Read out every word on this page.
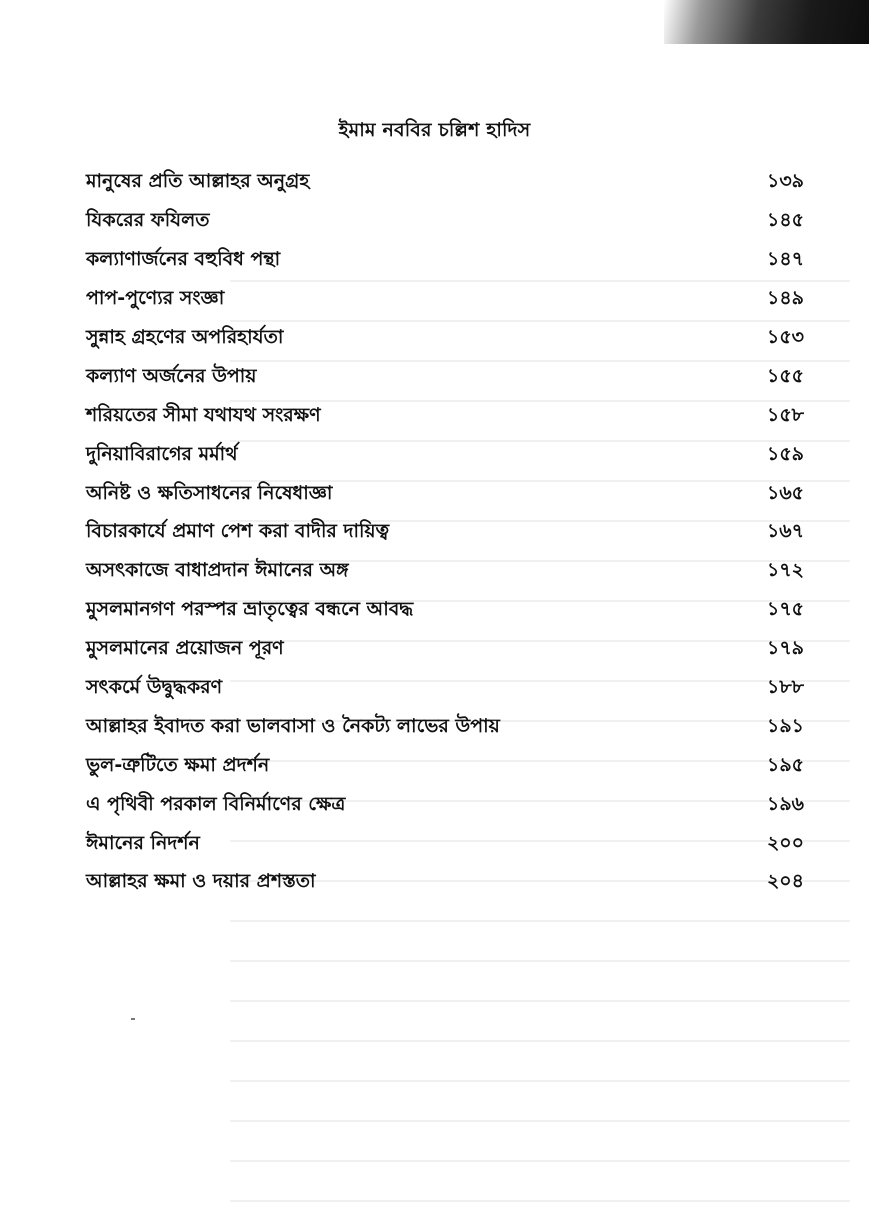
ইমাম নববির চল্লিশ হাদিস
মানুষের প্রতি আল্লাহর অনুগ্রহ	১৩৯
যিকরের ফযিলত	১৪৫
কল্যাণার্জনের বহুবিধ পন্থা	১৪৭
পাপ-পুণ্যের সংজ্ঞা	১৪৯
সুন্নাহ গ্রহণের অপরিহার্যতা	১৫৩
কল্যাণ অর্জনের উপায়	১৫৫
শরিয়তের সীমা যথাযথ সংরক্ষণ	১৫৮
দুনিয়াবিরাগের মর্মার্থ	১৫৯
অনিষ্ট ও ক্ষতিসাধনের নিষেধাজ্ঞা	১৬৫
বিচারকার্যে প্রমাণ পেশ করা বাদীর দায়িত্ব	১৬৭
অসৎকাজে বাধাপ্রদান ঈমানের অঙ্গ	১৭২
মুসলমানগণ পরস্পর ভ্রাতৃত্বের বন্ধনে আবদ্ধ	১৭৫
মুসলমানের প্রয়োজন পূরণ	১৭৯
সৎকর্মে উদ্বুদ্ধকরণ	১৮৮
আল্লাহর ইবাদত করা ভালবাসা ও নৈকট্য লাভের উপায়	১৯১
ভুল-ত্রুটিতে ক্ষমা প্রদর্শন	১৯৫
এ পৃথিবী পরকাল বিনির্মাণের ক্ষেত্র	১৯৬
ঈমানের নিদর্শন	২০০
আল্লাহর ক্ষমা ও দয়ার প্রশস্ততা	২০৪
